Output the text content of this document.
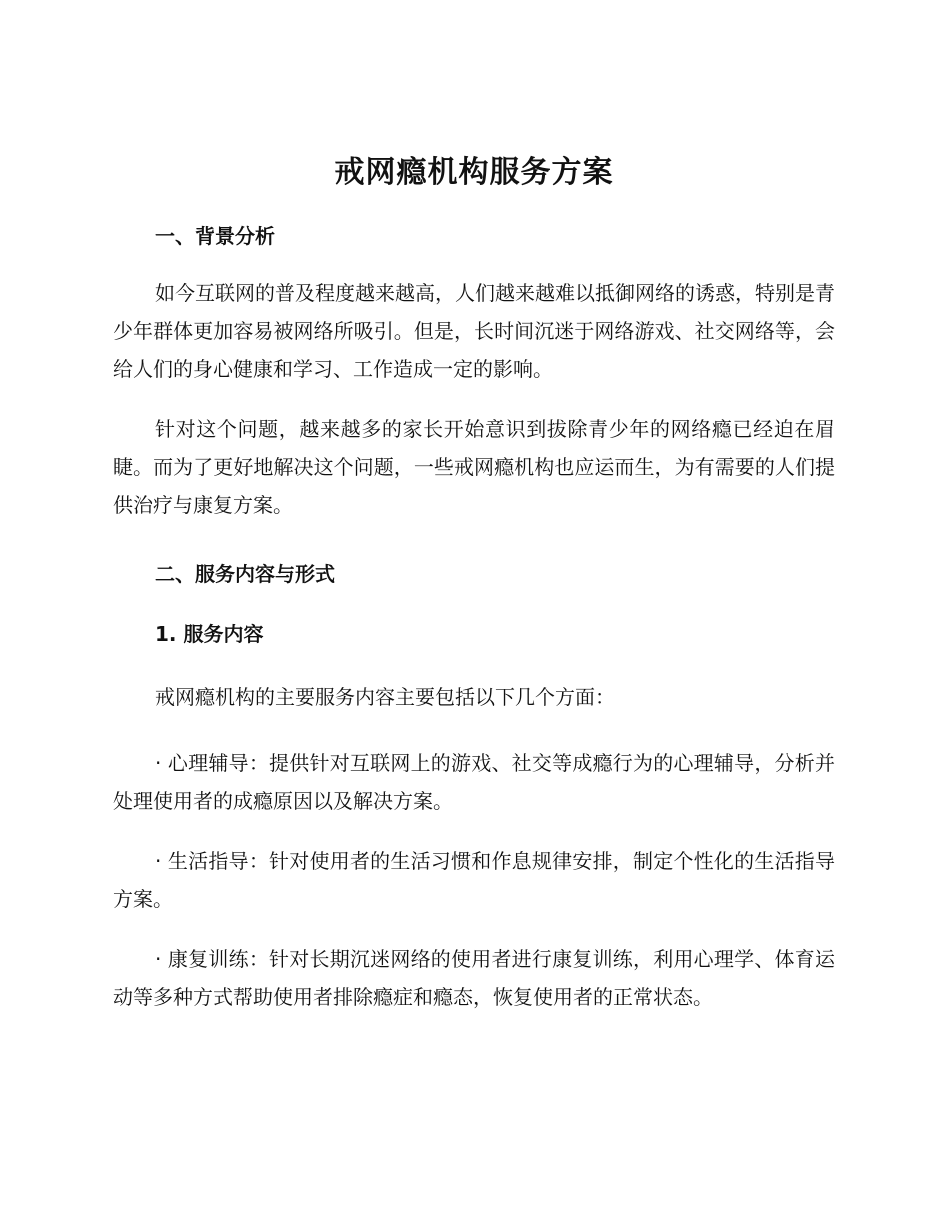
戒网瘾机构服务方案
一、背景分析

如今互联网的普及程度越来越高，人们越来越难以抵御网络的诱惑，特别是青少年群体更加容易被网络所吸引。但是，长时间沉迷于网络游戏、社交网络等，会给人们的身心健康和学习、工作造成一定的影响。

针对这个问题，越来越多的家长开始意识到拔除青少年的网络瘾已经迫在眉睫。而为了更好地解决这个问题，一些戒网瘾机构也应运而生，为有需要的人们提供治疗与康复方案。

二、服务内容与形式
1. 服务内容

戒网瘾机构的主要服务内容主要包括以下几个方面：

· 心理辅导：提供针对互联网上的游戏、社交等成瘾行为的心理辅导，分析并处理使用者的成瘾原因以及解决方案。

· 生活指导：针对使用者的生活习惯和作息规律安排，制定个性化的生活指导方案。

· 康复训练：针对长期沉迷网络的使用者进行康复训练，利用心理学、体育运动等多种方式帮助使用者排除瘾症和瘾态，恢复使用者的正常状态。
